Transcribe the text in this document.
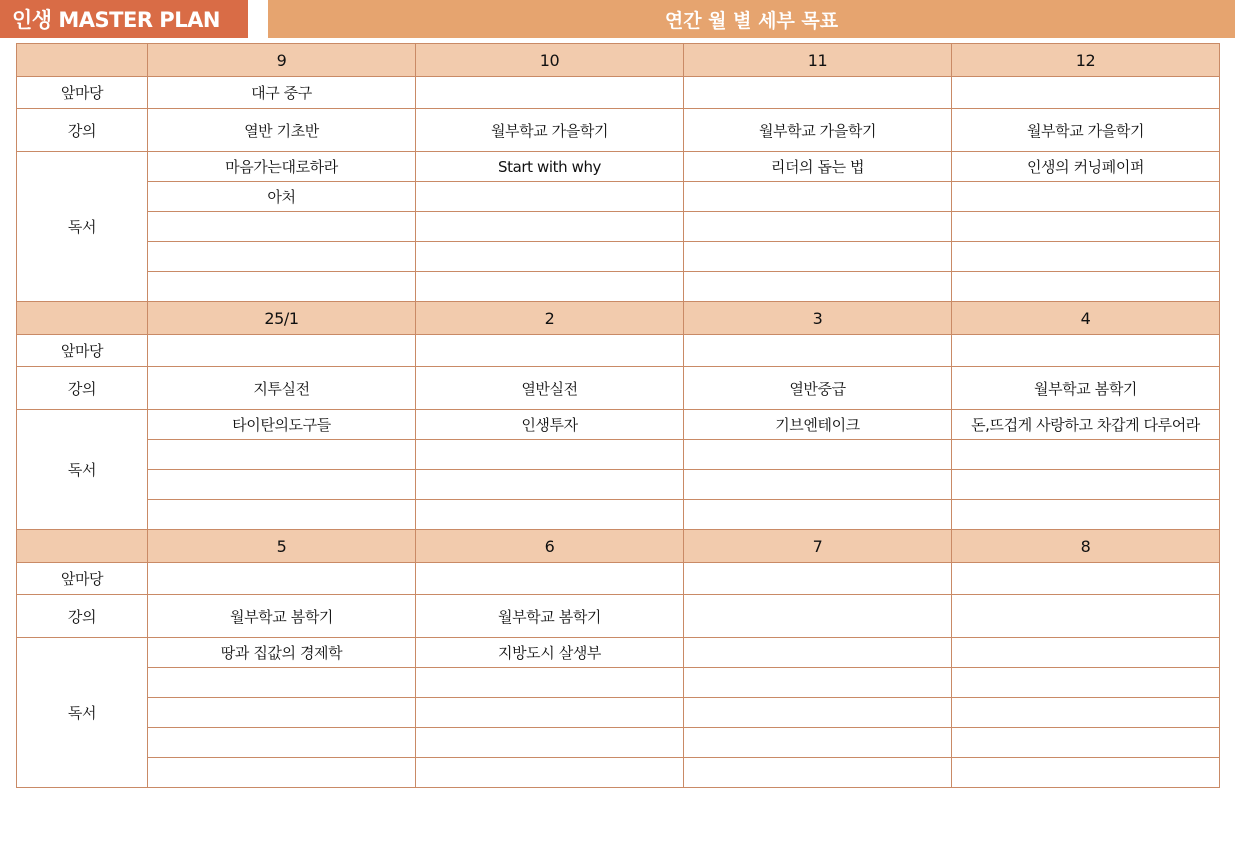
인생 MASTER PLAN	연간 월 별 세부 목표
	9	10	11	12
앞마당	대구 중구			
강의	열반 기초반	월부학교 가을학기	월부학교 가을학기	월부학교 가을학기
독서	마음가는대로하라	Start with why	리더의 돕는 법	인생의 커닝페이퍼
	아처			

	25/1	2	3	4
앞마당				
강의	지투실전	열반실전	열반중급	월부학교 봄학기
독서	타이탄의도구들	인생투자	기브엔테이크	돈,뜨겁게 사랑하고 차갑게 다루어라

	5	6	7	8
앞마당				
강의	월부학교 봄학기	월부학교 봄학기		
독서	땅과 집값의 경제학	지방도시 살생부		
